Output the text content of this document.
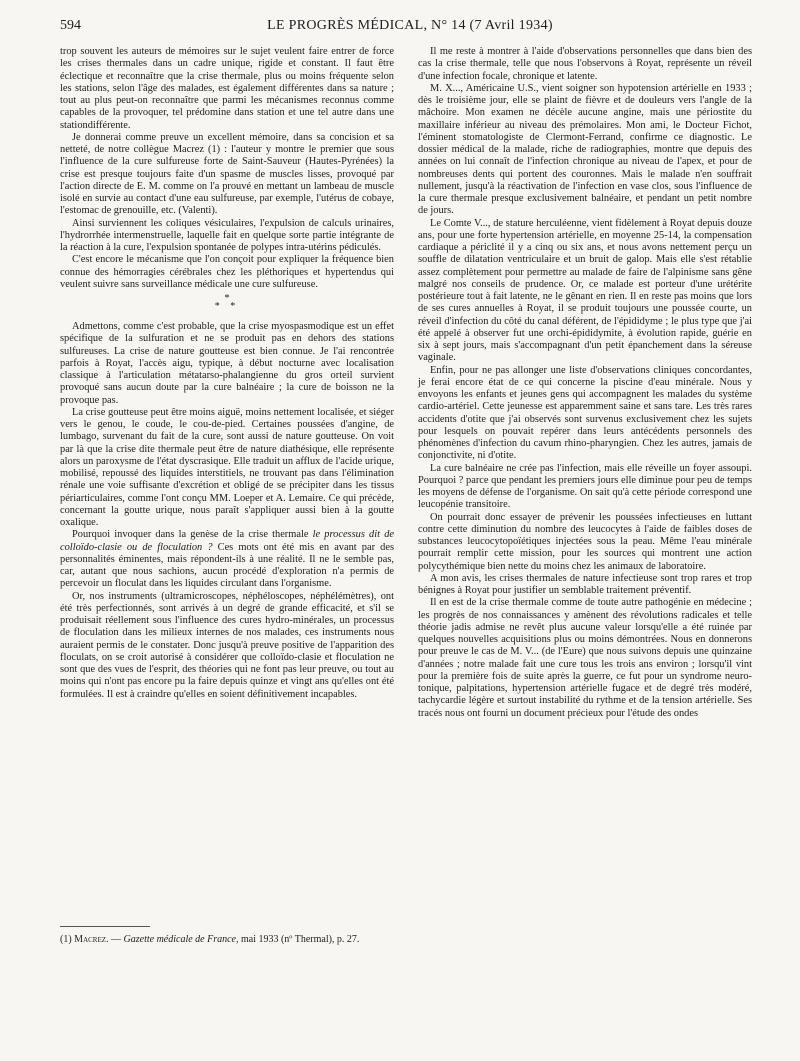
594	LE PROGRÈS MÉDICAL, N° 14 (7 Avril 1934)

trop souvent les auteurs de mémoires sur le sujet veulent faire entrer de force les crises thermales dans un cadre unique, rigide et constant. Il faut être éclectique et reconnaître que la crise thermale, plus ou moins fréquente selon les stations, selon l'âge des malades, est également différentes dans sa nature ; tout au plus peut-on reconnaître que parmi les mécanismes reconnus comme capables de la provoquer, tel prédomine dans station et une tel autre dans une stationdifférente.

Je donnerai comme preuve un excellent mémoire, dans sa concision et sa netteté, de notre collègue Macrez (1) : l'auteur y montre le premier que sous l'influence de la cure sulfureuse forte de Saint-Sauveur (Hautes-Pyrénées) la crise est presque toujours faite d'un spasme de muscles lisses, provoqué par l'action directe de E. M. comme on l'a prouvé en mettant un lambeau de muscle isolé en survie au contact d'une eau sulfureuse, par exemple, l'utérus de cobaye, l'estomac de grenouille, etc. (Valenti).

Ainsi surviennent les coliques vésiculaires, l'expulsion de calculs urinaires, l'hydrorrhée intermenstruelle, laquelle fait en quelque sorte partie intégrante de la réaction à la cure, l'expulsion spontanée de polypes intra-utérins pédiculés.

C'est encore le mécanisme que l'on conçoit pour expliquer la fréquence bien connue des hémorragies cérébrales chez les pléthoriques et hypertendus qui veulent suivre sans surveillance médicale une cure sulfureuse.

*
* *

Admettons, comme c'est probable, que la crise myospasmodique est un effet spécifique de la sulfuration et ne se produit pas en dehors des stations sulfureuses. La crise de nature goutteuse est bien connue. Je l'ai rencontrée parfois à Royat, l'accès aigu, typique, à début nocturne avec localisation classique à l'articulation métatarso-phalangienne du gros orteil survient provoqué sans aucun doute par la cure balnéaire ; la cure de boisson ne la provoque pas.

La crise goutteuse peut être moins aiguë, moins nettement localisée, et siéger vers le genou, le coude, le cou-de-pied. Certaines poussées d'angine, de lumbago, survenant du fait de la cure, sont aussi de nature goutteuse. On voit par là que la crise dite thermale peut être de nature diathésique, elle représente alors un paroxysme de l'état dyscrasique. Elle traduit un afflux de l'acide urique, mobilisé, repoussé des liquides interstitiels, ne trouvant pas dans l'élimination rénale une voie suffisante d'excrétion et obligé de se précipiter dans les tissus périarticulaires, comme l'ont conçu MM. Loeper et A. Lemaire. Ce qui précède, concernant la goutte urique, nous paraît s'appliquer aussi bien à la goutte oxalique.

Pourquoi invoquer dans la genèse de la crise thermale le processus dit de colloïdo-clasie ou de floculation ? Ces mots ont été mis en avant par des personnalités éminentes, mais répondent-ils à une réalité. Il ne le semble pas, car, autant que nous sachions, aucun procédé d'exploration n'a permis de percevoir un floculat dans les liquides circulant dans l'organisme.

Or, nos instruments (ultramicroscopes, néphéloscopes, néphélémètres), ont été très perfectionnés, sont arrivés à un degré de grande efficacité, et s'il se produisait réellement sous l'influence des cures hydro-minérales, un processus de floculation dans les milieux internes de nos malades, ces instruments nous auraient permis de le constater. Donc jusqu'à preuve positive de l'apparition des floculats, on se croit autorisé à considérer que colloïdo-clasie et floculation ne sont que des vues de l'esprit, des théories qui ne font pas leur preuve, ou tout au moins qui n'ont pas encore pu la faire depuis quinze et vingt ans qu'elles ont été formulées. Il est à craindre qu'elles en soient définitivement incapables.

(1) Macrez. — Gazette médicale de France, mai 1933 (nº Thermal), p. 27.

Il me reste à montrer à l'aide d'observations personnelles que dans bien des cas la crise thermale, telle que nous l'observons à Royat, représente un réveil d'une infection focale, chronique et latente.

M. X..., Américaine U.S., vient soigner son hypotension artérielle en 1933 ; dès le troisième jour, elle se plaint de fièvre et de douleurs vers l'angle de la mâchoire. Mon examen ne décèle aucune angine, mais une périostite du maxillaire inférieur au niveau des prémolaires. Mon ami, le Docteur Fichot, l'éminent stomatologiste de Clermont-Ferrand, confirme ce diagnostic. Le dossier médical de la malade, riche de radiographies, montre que depuis des années on lui connaît de l'infection chronique au niveau de l'apex, et pour de nombreuses dents qui portent des couronnes. Mais le malade n'en souffrait nullement, jusqu'à la réactivation de l'infection en vase clos, sous l'influence de la cure thermale presque exclusivement balnéaire, et pendant un petit nombre de jours.

Le Comte V..., de stature herculéenne, vient fidèlement à Royat depuis douze ans, pour une forte hypertension artérielle, en moyenne 25-14, la compensation cardiaque a périclité il y a cinq ou six ans, et nous avons nettement perçu un souffle de dilatation ventriculaire et un bruit de galop. Mais elle s'est rétablie assez complètement pour permettre au malade de faire de l'alpinisme sans gêne malgré nos conseils de prudence. Or, ce malade est porteur d'une urétérite postérieure tout à fait latente, ne le gênant en rien. Il en reste pas moins que lors de ses cures annuelles à Royat, il se produit toujours une poussée courte, un réveil d'infection du côté du canal déférent, de l'épididyme ; le plus type que j'ai été appelé à observer fut une orchi-épididymite, à évolution rapide, guérie en six à sept jours, mais s'accompagnant d'un petit épanchement dans la séreuse vaginale.

Enfin, pour ne pas allonger une liste d'observations cliniques concordantes, je ferai encore état de ce qui concerne la piscine d'eau minérale. Nous y envoyons les enfants et jeunes gens qui accompagnent les malades du système cardio-artériel. Cette jeunesse est apparemment saine et sans tare. Les très rares accidents d'otite que j'ai observés sont survenus exclusivement chez les sujets pour lesquels on pouvait repérer dans leurs antécédents personnels des phénomènes d'infection du cavum rhino-pharyngien. Chez les autres, jamais de conjonctivite, ni d'otite.

La cure balnéaire ne crée pas l'infection, mais elle réveille un foyer assoupi. Pourquoi ? parce que pendant les premiers jours elle diminue pour peu de temps les moyens de défense de l'organisme. On sait qu'à cette période correspond une leucopénie transitoire.

On pourrait donc essayer de prévenir les poussées infectieuses en luttant contre cette diminution du nombre des leucocytes à l'aide de faibles doses de substances leucocytopoïétiques injectées sous la peau. Même l'eau minérale pourrait remplir cette mission, pour les sources qui montrent une action polycythémique bien nette du moins chez les animaux de laboratoire.

A mon avis, les crises thermales de nature infectieuse sont trop rares et trop bénignes à Royat pour justifier un semblable traitement préventif.

Il en est de la crise thermale comme de toute autre pathogénie en médecine ; les progrès de nos connaissances y amènent des révolutions radicales et telle théorie jadis admise ne revêt plus aucune valeur lorsqu'elle a été ruinée par quelques nouvelles acquisitions plus ou moins démontrées. Nous en donnerons pour preuve le cas de M. V... (de l'Eure) que nous suivons depuis une quinzaine d'années ; notre malade fait une cure tous les trois ans environ ; lorsqu'il vint pour la première fois de suite après la guerre, ce fut pour un syndrome neuro-tonique, palpitations, hypertension artérielle fugace et de degré très modéré, tachycardie légère et surtout instabilité du rythme et de la tension artérielle. Ses tracés nous ont fourni un document précieux pour l'étude des ondes
